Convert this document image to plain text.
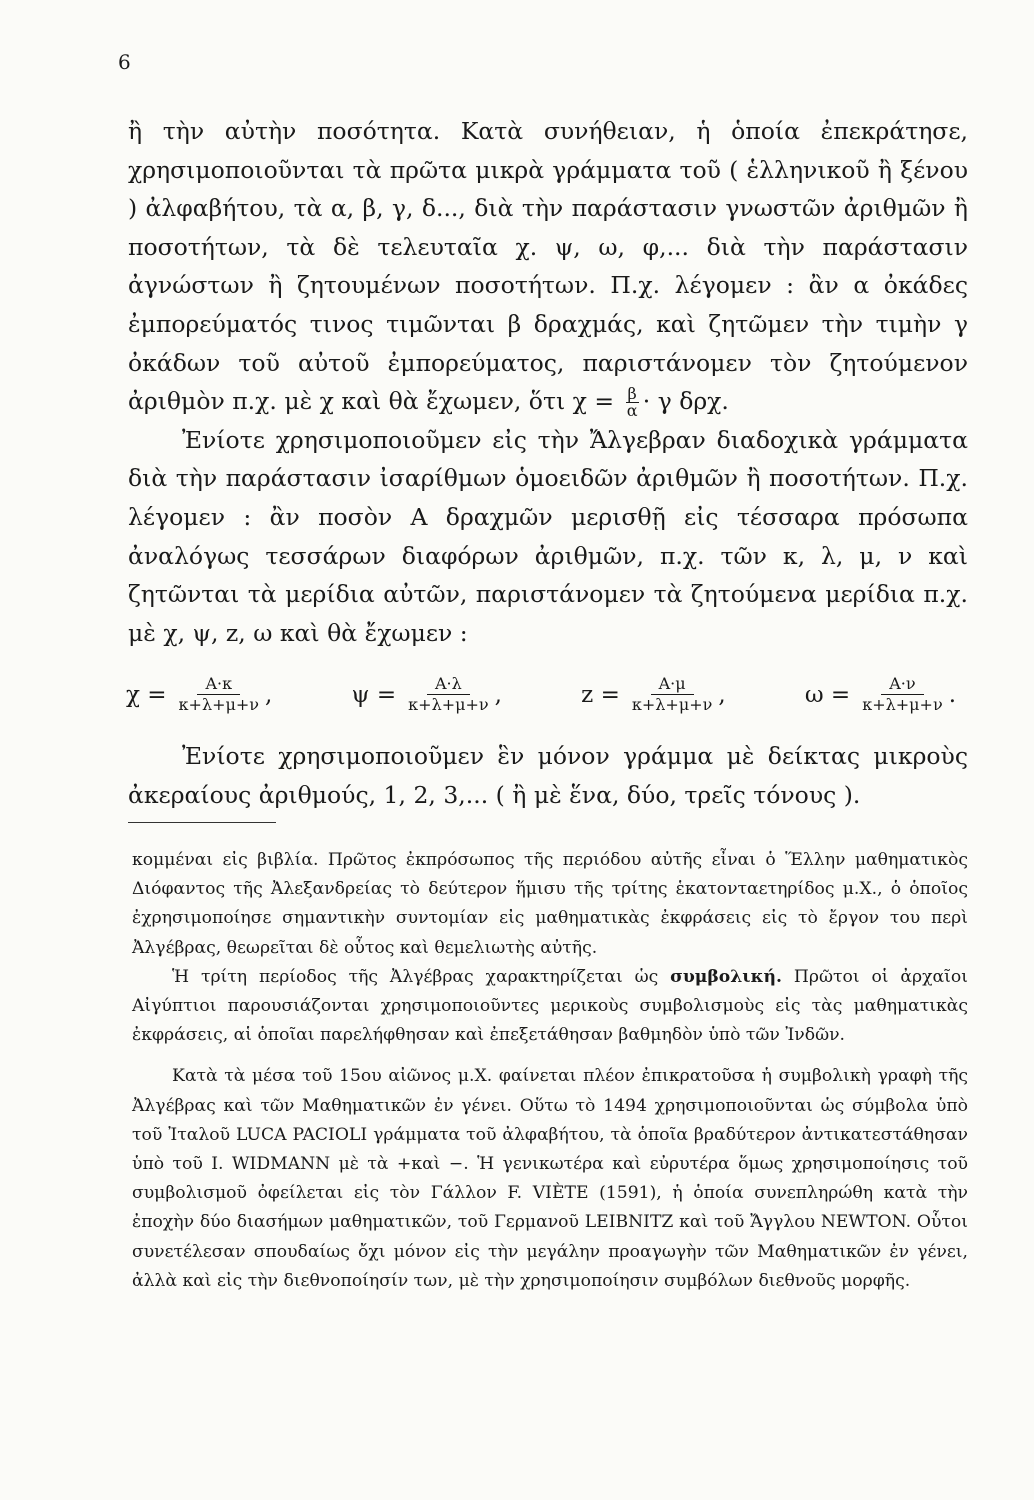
6

ἢ τὴν αὐτὴν ποσότητα. Κατὰ συνήθειαν, ἡ ὁποία ἐπεκράτησε, χρησιμοποιοῦνται τὰ πρῶτα μικρὰ γράμματα τοῦ ( ἑλληνικοῦ ἢ ξένου ) ἀλφαβήτου, τὰ α, β, γ, δ..., διὰ τὴν παράστασιν γνωστῶν ἀριθμῶν ἢ ποσοτήτων, τὰ δὲ τελευταῖα χ. ψ, ω, φ,... διὰ τὴν παράστασιν ἀγνώστων ἢ ζητουμένων ποσοτήτων. Π.χ. λέγομεν : ἂν α ὀκάδες ἐμπορεύματός τινος τιμῶνται β δραχμάς, καὶ ζητῶμεν τὴν τιμὴν γ ὀκάδων τοῦ αὐτοῦ ἐμπορεύματος, παριστάνομεν τὸν ζητούμενον ἀριθμὸν π.χ. μὲ χ καὶ θὰ ἔχωμεν, ὅτι $\chi = \frac{\beta}{\alpha} \cdot \gamma$ δρχ.

Ἐνίοτε χρησιμοποιοῦμεν εἰς τὴν Ἄλγεβραν διαδοχικὰ γράμματα διὰ τὴν παράστασιν ἰσαρίθμων ὁμοειδῶν ἀριθμῶν ἢ ποσοτήτων. Π.χ. λέγομεν : ἂν ποσὸν Α δραχμῶν μερισθῇ εἰς τέσσαρα πρόσωπα ἀναλόγως τεσσάρων διαφόρων ἀριθμῶν, π.χ. τῶν κ, λ, μ, ν καὶ ζητῶνται τὰ μερίδια αὐτῶν, παριστάνομεν τὰ ζητούμενα μερίδια π.χ. μὲ χ, ψ, z, ω καὶ θὰ ἔχωμεν :

$\chi = \frac{A\cdot\kappa}{\kappa+\lambda+\mu+\nu}$ ,	$\psi = \frac{A\cdot\lambda}{\kappa+\lambda+\mu+\nu}$ ,	$z = \frac{A\cdot\mu}{\kappa+\lambda+\mu+\nu}$ ,	$\omega = \frac{A\cdot\nu}{\kappa+\lambda+\mu+\nu}$ .

Ἐνίοτε χρησιμοποιοῦμεν ἓν μόνον γράμμα μὲ δείκτας μικροὺς ἀκεραίους ἀριθμούς, 1, 2, 3,... ( ἢ μὲ ἕνα, δύο, τρεῖς τόνους ).

κομμέναι εἰς βιβλία. Πρῶτος ἐκπρόσωπος τῆς περιόδου αὐτῆς εἶναι ὁ Ἕλλην μαθηματικὸς Διόφαντος τῆς Ἀλεξανδρείας τὸ δεύτερον ἥμισυ τῆς τρίτης ἑκατονταετηρίδος μ.Χ., ὁ ὁποῖος ἐχρησιμοποίησε σημαντικὴν συντομίαν εἰς μαθηματικὰς ἐκφράσεις εἰς τὸ ἔργον του περὶ Ἀλγέβρας, θεωρεῖται δὲ οὗτος καὶ θεμελιωτὴς αὐτῆς.

Ἡ τρίτη περίοδος τῆς Ἀλγέβρας χαρακτηρίζεται ὡς συμβολική. Πρῶτοι οἱ ἀρχαῖοι Αἰγύπτιοι παρουσιάζονται χρησιμοποιοῦντες μερικοὺς συμβολισμοὺς εἰς τὰς μαθηματικὰς ἐκφράσεις, αἱ ὁποῖαι παρελήφθησαν καὶ ἐπεξετάθησαν βαθμηδὸν ὑπὸ τῶν Ἰνδῶν.

Κατὰ τὰ μέσα τοῦ 15ου αἰῶνος μ.Χ. φαίνεται πλέον ἐπικρατοῦσα ἡ συμβολικὴ γραφὴ τῆς Ἀλγέβρας καὶ τῶν Μαθηματικῶν ἐν γένει. Οὕτω τὸ 1494 χρησιμοποιοῦνται ὡς σύμβολα ὑπὸ τοῦ Ἰταλοῦ LUCA PACIOLI γράμματα τοῦ ἀλφαβήτου, τὰ ὁποῖα βραδύτερον ἀντικατεστάθησαν ὑπὸ τοῦ I. WIDMANN μὲ τὰ +καὶ −. Ἡ γενικωτέρα καὶ εὐρυτέρα ὅμως χρησιμοποίησις τοῦ συμβολισμοῦ ὀφείλεται εἰς τὸν Γάλλον F. VIÈTE (1591), ἡ ὁποία συνεπληρώθη κατὰ τὴν ἐποχὴν δύο διασήμων μαθηματικῶν, τοῦ Γερμανοῦ LEIBNITZ καὶ τοῦ Ἄγγλου NEWTON. Οὗτοι συνετέλεσαν σπουδαίως ὄχι μόνον εἰς τὴν μεγάλην προαγωγὴν τῶν Μαθηματικῶν ἐν γένει, ἀλλὰ καὶ εἰς τὴν διεθνοποίησίν των, μὲ τὴν χρησιμοποίησιν συμβόλων διεθνοῦς μορφῆς.
